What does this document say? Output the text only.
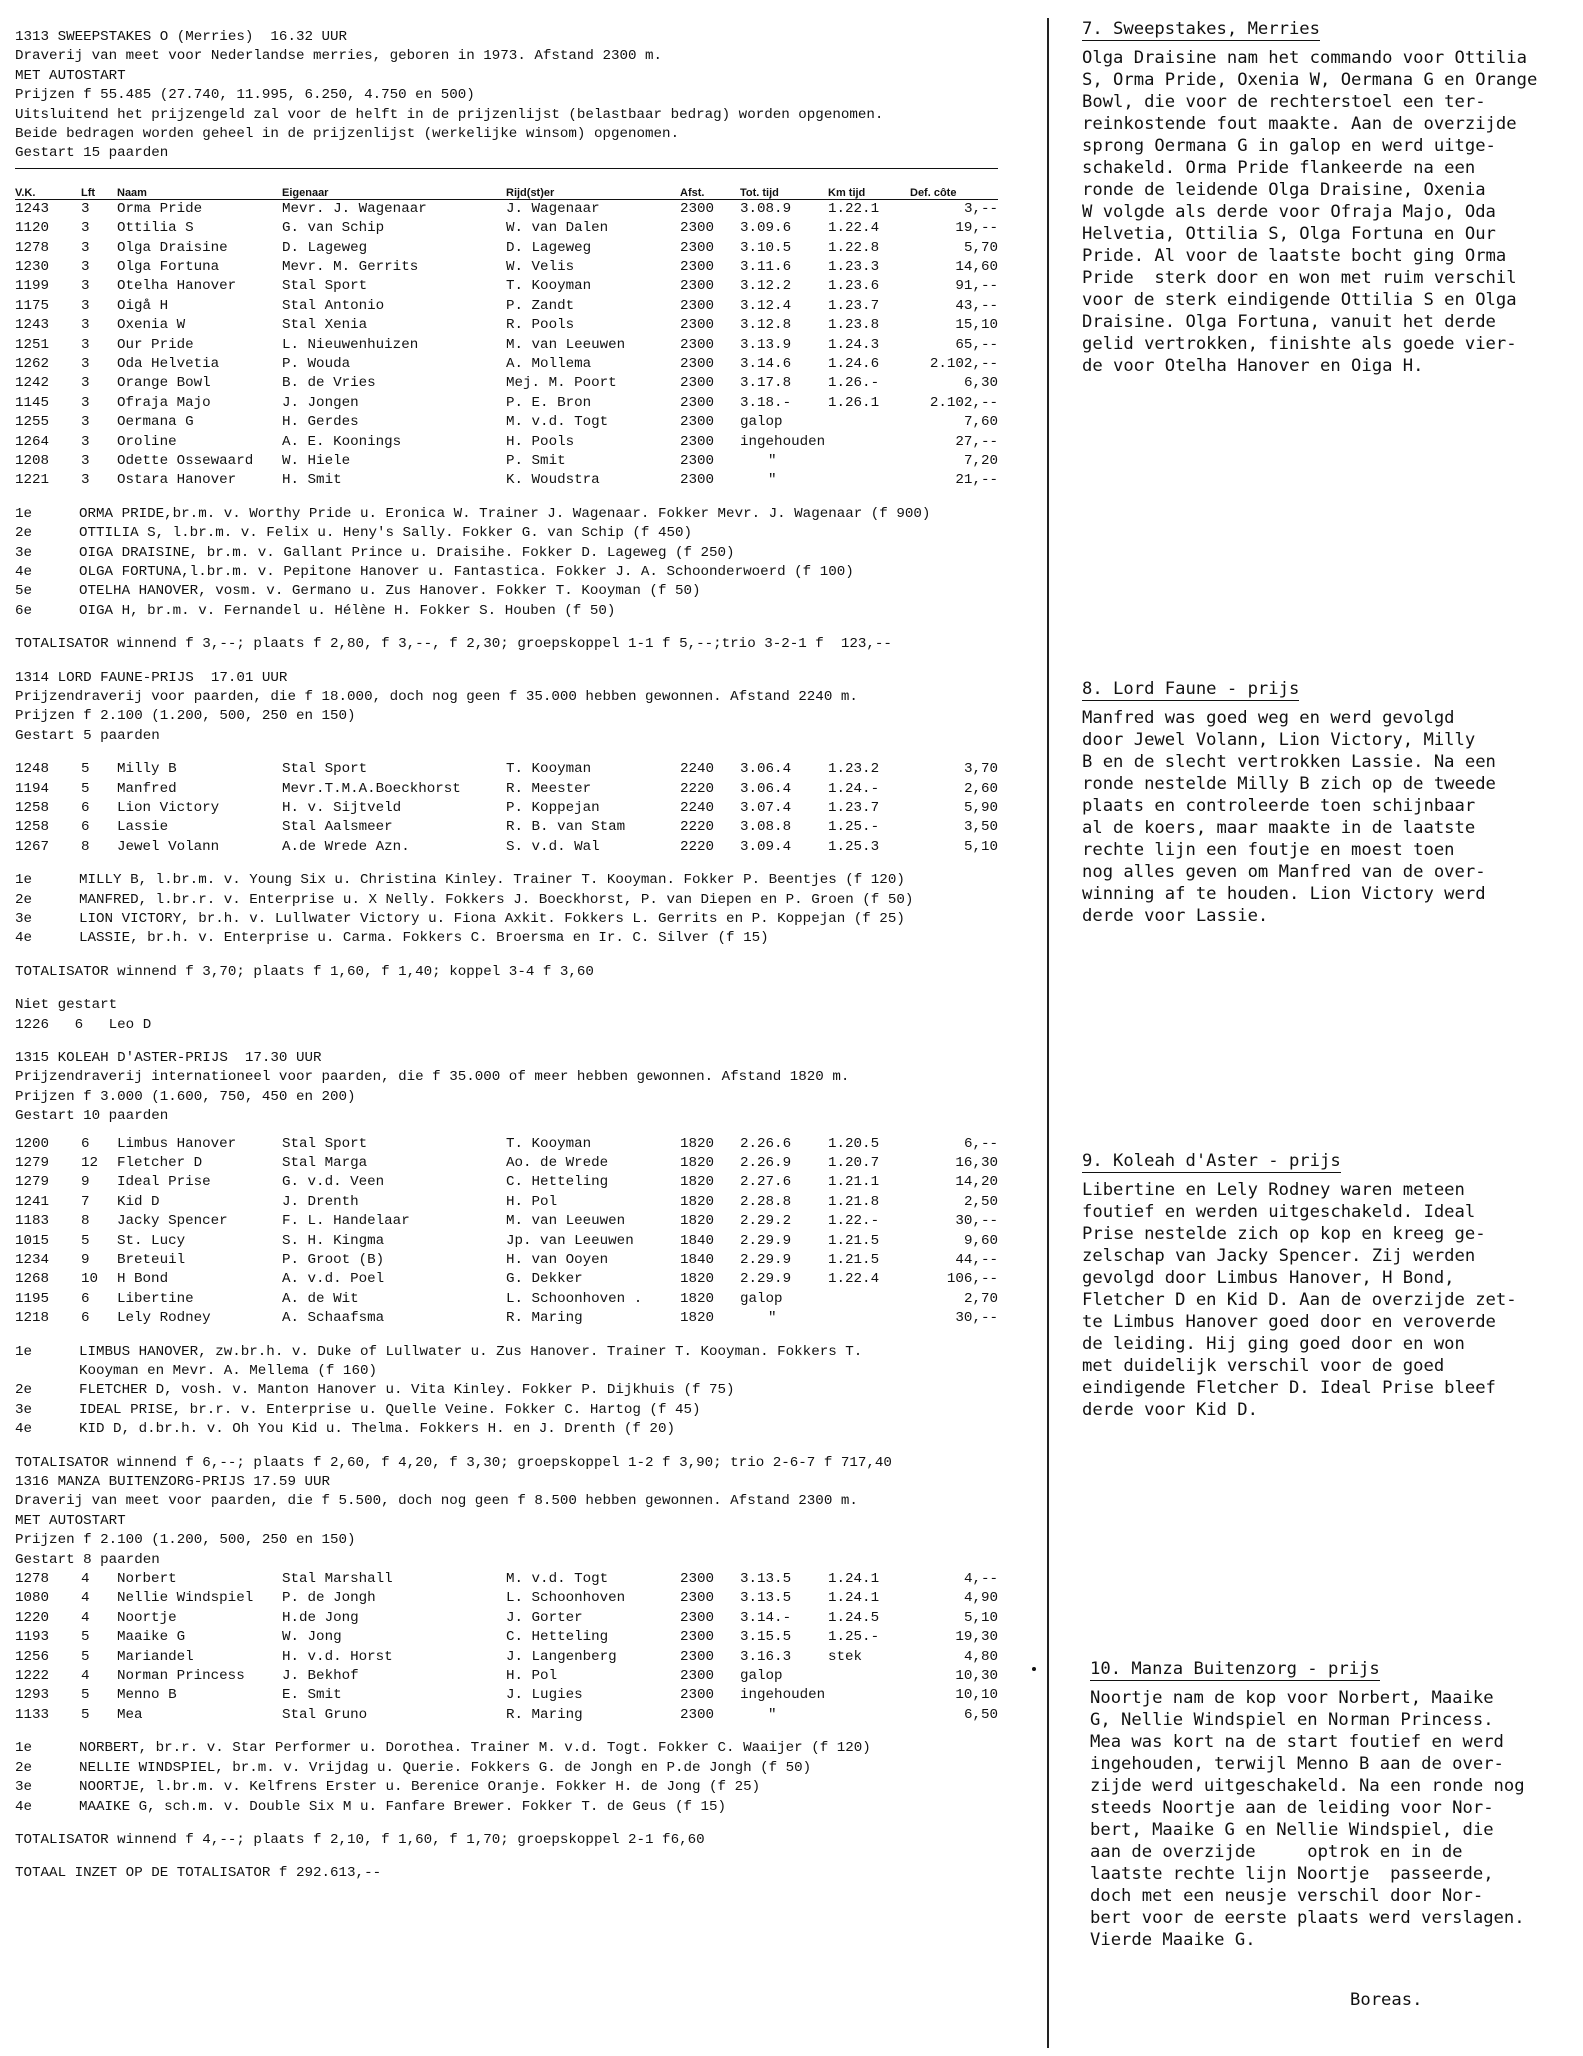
1313 SWEEPSTAKES O (Merries)  16.32 UUR
Draverij van meet voor Nederlandse merries, geboren in 1973. Afstand 2300 m.
MET AUTOSTART
Prijzen f 55.485 (27.740, 11.995, 6.250, 4.750 en 500)
Uitsluitend het prijzengeld zal voor de helft in de prijzenlijst (belastbaar bedrag) worden opgenomen.
Beide bedragen worden geheel in de prijzenlijst (werkelijke winsom) opgenomen.
Gestart 15 paarden
V.K.	Lft	Naam	Eigenaar	Rijd(st)er	Afst.	Tot. tijd	Km tijd	Def. côte
1243	3	Orma Pride	Mevr. J. Wagenaar	J. Wagenaar	2300	3.08.9	1.22.1	3,--
1120	3	Ottilia S	G. van Schip	W. van Dalen	2300	3.09.6	1.22.4	19,--
1278	3	Olga Draisine	D. Lageweg	D. Lageweg	2300	3.10.5	1.22.8	5,70
1230	3	Olga Fortuna	Mevr. M. Gerrits	W. Velis	2300	3.11.6	1.23.3	14,60
1199	3	Otelha Hanover	Stal Sport	T. Kooyman	2300	3.12.2	1.23.6	91,--
1175	3	Oigå H	Stal Antonio	P. Zandt	2300	3.12.4	1.23.7	43,--
1243	3	Oxenia W	Stal Xenia	R. Pools	2300	3.12.8	1.23.8	15,10
1251	3	Our Pride	L. Nieuwenhuizen	M. van Leeuwen	2300	3.13.9	1.24.3	65,--
1262	3	Oda Helvetia	P. Wouda	A. Mollema	2300	3.14.6	1.24.6	2.102,--
1242	3	Orange Bowl	B. de Vries	Mej. M. Poort	2300	3.17.8	1.26.-	6,30
1145	3	Ofraja Majo	J. Jongen	P. E. Bron	2300	3.18.-	1.26.1	2.102,--
1255	3	Oermana G	H. Gerdes	M. v.d. Togt	2300	galop		7,60
1264	3	Oroline	A. E. Koonings	H. Pools	2300	ingehouden		27,--
1208	3	Odette Ossewaard	W. Hiele	P. Smit	2300	"		7,20
1221	3	Ostara Hanover	H. Smit	K. Woudstra	2300	"		21,--
1e	ORMA PRIDE,br.m. v. Worthy Pride u. Eronica W. Trainer J. Wagenaar. Fokker Mevr. J. Wagenaar (f 900)
2e	OTTILIA S, l.br.m. v. Felix u. Heny's Sally. Fokker G. van Schip (f 450)
3e	OIGA DRAISINE, br.m. v. Gallant Prince u. Draisihe. Fokker D. Lageweg (f 250)
4e	OLGA FORTUNA,l.br.m. v. Pepitone Hanover u. Fantastica. Fokker J. A. Schoonderwoerd (f 100)
5e	OTELHA HANOVER, vosm. v. Germano u. Zus Hanover. Fokker T. Kooyman (f 50)
6e	OIGA H, br.m. v. Fernandel u. Hélène H. Fokker S. Houben (f 50)
TOTALISATOR winnend f 3,--; plaats f 2,80, f 3,--, f 2,30; groepskoppel 1-1 f 5,--;trio 3-2-1 f  123,--
1314 LORD FAUNE-PRIJS  17.01 UUR
Prijzendraverij voor paarden, die f 18.000, doch nog geen f 35.000 hebben gewonnen. Afstand 2240 m.
Prijzen f 2.100 (1.200, 500, 250 en 150)
Gestart 5 paarden
1248	5	Milly B	Stal Sport	T. Kooyman	2240	3.06.4	1.23.2	3,70
1194	5	Manfred	Mevr.T.M.A.Boeckhorst	R. Meester	2220	3.06.4	1.24.-	2,60
1258	6	Lion Victory	H. v. Sijtveld	P. Koppejan	2240	3.07.4	1.23.7	5,90
1258	6	Lassie	Stal Aalsmeer	R. B. van Stam	2220	3.08.8	1.25.-	3,50
1267	8	Jewel Volann	A.de Wrede Azn.	S. v.d. Wal	2220	3.09.4	1.25.3	5,10
1e	MILLY B, l.br.m. v. Young Six u. Christina Kinley. Trainer T. Kooyman. Fokker P. Beentjes (f 120)
2e	MANFRED, l.br.r. v. Enterprise u. X Nelly. Fokkers J. Boeckhorst, P. van Diepen en P. Groen (f 50)
3e	LION VICTORY, br.h. v. Lullwater Victory u. Fiona Axkit. Fokkers L. Gerrits en P. Koppejan (f 25)
4e	LASSIE, br.h. v. Enterprise u. Carma. Fokkers C. Broersma en Ir. C. Silver (f 15)
TOTALISATOR winnend f 3,70; plaats f 1,60, f 1,40; koppel 3-4 f 3,60
Niet gestart
1226   6   Leo D
1315 KOLEAH D'ASTER-PRIJS  17.30 UUR
Prijzendraverij internationeel voor paarden, die f 35.000 of meer hebben gewonnen. Afstand 1820 m.
Prijzen f 3.000 (1.600, 750, 450 en 200)
Gestart 10 paarden
1200	6	Limbus Hanover	Stal Sport	T. Kooyman	1820	2.26.6	1.20.5	6,--
1279	12	Fletcher D	Stal Marga	Ao. de Wrede	1820	2.26.9	1.20.7	16,30
1279	9	Ideal Prise	G. v.d. Veen	C. Hetteling	1820	2.27.6	1.21.1	14,20
1241	7	Kid D	J. Drenth	H. Pol	1820	2.28.8	1.21.8	2,50
1183	8	Jacky Spencer	F. L. Handelaar	M. van Leeuwen	1820	2.29.2	1.22.-	30,--
1015	5	St. Lucy	S. H. Kingma	Jp. van Leeuwen	1840	2.29.9	1.21.5	9,60
1234	9	Breteuil	P. Groot (B)	H. van Ooyen	1840	2.29.9	1.21.5	44,--
1268	10	H Bond	A. v.d. Poel	G. Dekker	1820	2.29.9	1.22.4	106,--
1195	6	Libertine	A. de Wit	L. Schoonhoven .	1820	galop		2,70
1218	6	Lely Rodney	A. Schaafsma	R. Maring	1820	"		30,--
1e	LIMBUS HANOVER, zw.br.h. v. Duke of Lullwater u. Zus Hanover. Trainer T. Kooyman. Fokkers T.
Kooyman en Mevr. A. Mellema (f 160)
2e	FLETCHER D, vosh. v. Manton Hanover u. Vita Kinley. Fokker P. Dijkhuis (f 75)
3e	IDEAL PRISE, br.r. v. Enterprise u. Quelle Veine. Fokker C. Hartog (f 45)
4e	KID D, d.br.h. v. Oh You Kid u. Thelma. Fokkers H. en J. Drenth (f 20)
TOTALISATOR winnend f 6,--; plaats f 2,60, f 4,20, f 3,30; groepskoppel 1-2 f 3,90; trio 2-6-7 f 717,40
1316 MANZA BUITENZORG-PRIJS 17.59 UUR
Draverij van meet voor paarden, die f 5.500, doch nog geen f 8.500 hebben gewonnen. Afstand 2300 m.
MET AUTOSTART
Prijzen f 2.100 (1.200, 500, 250 en 150)
Gestart 8 paarden
1278	4	Norbert	Stal Marshall	M. v.d. Togt	2300	3.13.5	1.24.1	4,--
1080	4	Nellie Windspiel	P. de Jongh	L. Schoonhoven	2300	3.13.5	1.24.1	4,90
1220	4	Noortje	H.de Jong	J. Gorter	2300	3.14.-	1.24.5	5,10
1193	5	Maaike G	W. Jong	C. Hetteling	2300	3.15.5	1.25.-	19,30
1256	5	Mariandel	H. v.d. Horst	J. Langenberg	2300	3.16.3	stek	4,80
1222	4	Norman Princess	J. Bekhof	H. Pol	2300	galop		10,30
1293	5	Menno B	E. Smit	J. Lugies	2300	ingehouden		10,10
1133	5	Mea	Stal Gruno	R. Maring	2300	"		6,50
1e	NORBERT, br.r. v. Star Performer u. Dorothea. Trainer M. v.d. Togt. Fokker C. Waaijer (f 120)
2e	NELLIE WINDSPIEL, br.m. v. Vrijdag u. Querie. Fokkers G. de Jongh en P.de Jongh (f 50)
3e	NOORTJE, l.br.m. v. Kelfrens Erster u. Berenice Oranje. Fokker H. de Jong (f 25)
4e	MAAIKE G, sch.m. v. Double Six M u. Fanfare Brewer. Fokker T. de Geus (f 15)
TOTALISATOR winnend f 4,--; plaats f 2,10, f 1,60, f 1,70; groepskoppel 2-1 f6,60
TOTAAL INZET OP DE TOTALISATOR f 292.613,--
7. Sweepstakes, Merries
Olga Draisine nam het commando voor Ottilia
S, Orma Pride, Oxenia W, Oermana G en Orange
Bowl, die voor de rechterstoel een ter-
reinkostende fout maakte. Aan de overzijde
sprong Oermana G in galop en werd uitge-
schakeld. Orma Pride flankeerde na een
ronde de leidende Olga Draisine, Oxenia
W volgde als derde voor Ofraja Majo, Oda
Helvetia, Ottilia S, Olga Fortuna en Our
Pride. Al voor de laatste bocht ging Orma
Pride  sterk door en won met ruim verschil
voor de sterk eindigende Ottilia S en Olga
Draisine. Olga Fortuna, vanuit het derde
gelid vertrokken, finishte als goede vier-
de voor Otelha Hanover en Oiga H.
8. Lord Faune - prijs
Manfred was goed weg en werd gevolgd
door Jewel Volann, Lion Victory, Milly
B en de slecht vertrokken Lassie. Na een
ronde nestelde Milly B zich op de tweede
plaats en controleerde toen schijnbaar
al de koers, maar maakte in de laatste
rechte lijn een foutje en moest toen
nog alles geven om Manfred van de over-
winning af te houden. Lion Victory werd
derde voor Lassie.
9. Koleah d'Aster - prijs
Libertine en Lely Rodney waren meteen
foutief en werden uitgeschakeld. Ideal
Prise nestelde zich op kop en kreeg ge-
zelschap van Jacky Spencer. Zij werden
gevolgd door Limbus Hanover, H Bond,
Fletcher D en Kid D. Aan de overzijde zet-
te Limbus Hanover goed door en veroverde
de leiding. Hij ging goed door en won
met duidelijk verschil voor de goed
eindigende Fletcher D. Ideal Prise bleef
derde voor Kid D.
10. Manza Buitenzorg - prijs
Noortje nam de kop voor Norbert, Maaike
G, Nellie Windspiel en Norman Princess.
Mea was kort na de start foutief en werd
ingehouden, terwijl Menno B aan de over-
zijde werd uitgeschakeld. Na een ronde nog
steeds Noortje aan de leiding voor Nor-
bert, Maaike G en Nellie Windspiel, die
aan de overzijde     optrok en in de
laatste rechte lijn Noortje  passeerde,
doch met een neusje verschil door Nor-
bert voor de eerste plaats werd verslagen.
Vierde Maaike G.
Boreas.
